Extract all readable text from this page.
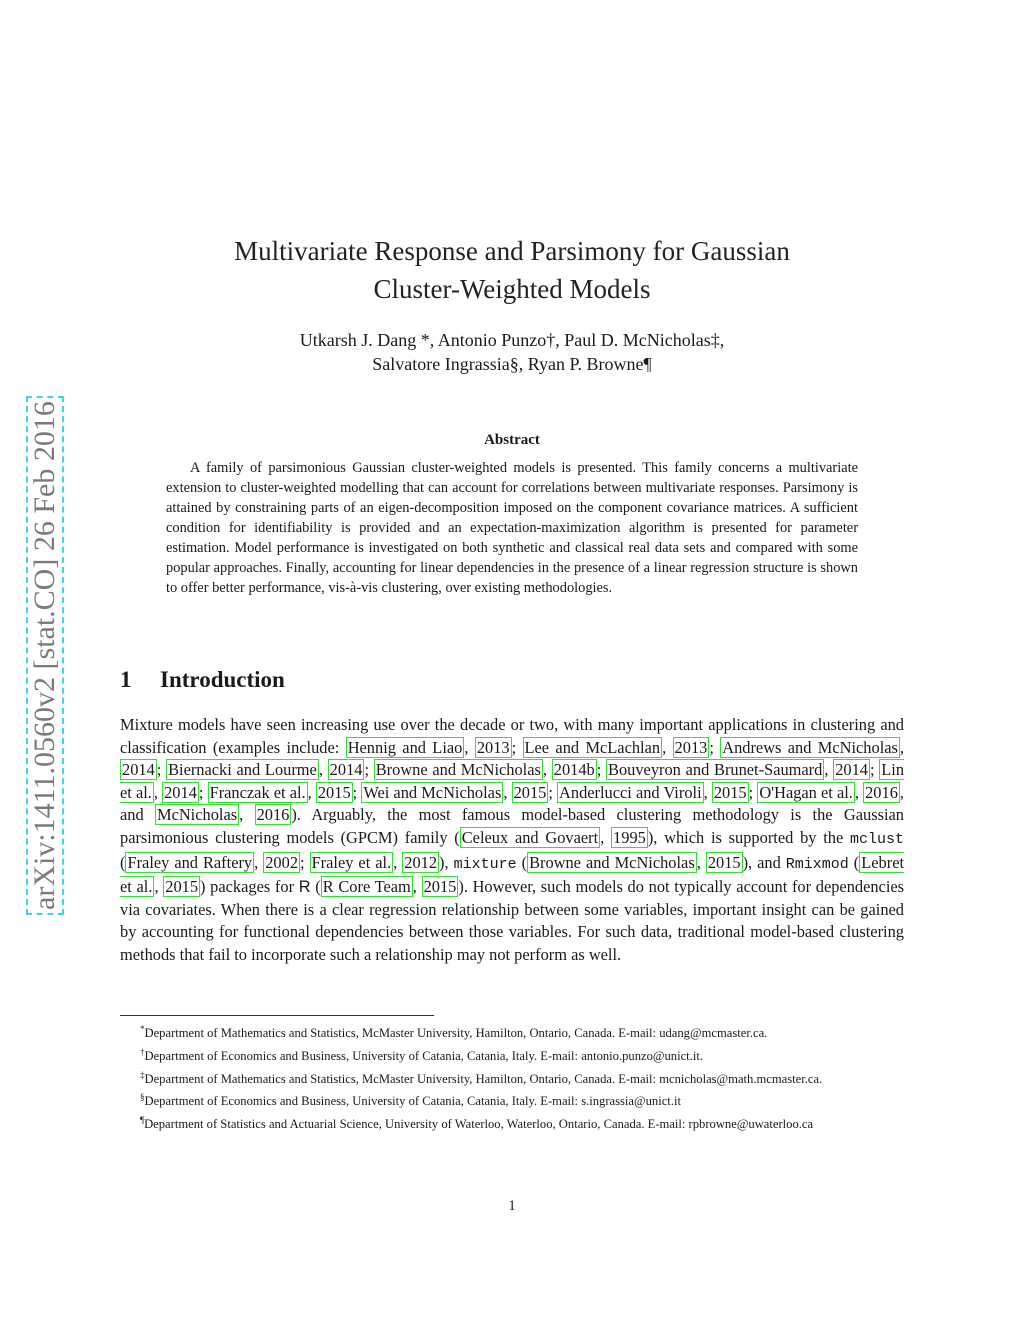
arXiv:1411.0560v2 [stat.CO] 26 Feb 2016
Multivariate Response and Parsimony for Gaussian
Cluster-Weighted Models
Utkarsh J. Dang *, Antonio Punzo†, Paul D. McNicholas‡,
Salvatore Ingrassia§, Ryan P. Browne¶
Abstract
A family of parsimonious Gaussian cluster-weighted models is presented. This family concerns a multivariate extension to cluster-weighted modelling that can account for correlations between multivariate responses. Parsimony is attained by constraining parts of an eigen-decomposition imposed on the component covariance matrices. A sufficient condition for identifiability is provided and an expectation-maximization algorithm is presented for parameter estimation. Model performance is investigated on both synthetic and classical real data sets and compared with some popular approaches. Finally, accounting for linear dependencies in the presence of a linear regression structure is shown to offer better performance, vis-à-vis clustering, over existing methodologies.
1 Introduction
Mixture models have seen increasing use over the decade or two, with many important applications in clustering and classification (examples include: Hennig and Liao , 2013 ; Lee and McLachlan , 2013 ; Andrews and McNicholas , 2014 ; Biernacki and Lourme , 2014 ; Browne and McNicholas , 2014b ; Bouveyron and Brunet-Saumard , 2014 ; Lin et al. , 2014 ; Franczak et al. , 2015 ; Wei and McNicholas , 2015 ; Anderlucci and Viroli , 2015 ; O'Hagan et al. , 2016 , and McNicholas , 2016 ). Arguably, the most famous model-based clustering methodology is the Gaussian parsimonious clustering models (GPCM) family ( Celeux and Govaert , 1995 ), which is supported by the mclust ( Fraley and Raftery , 2002 ; Fraley et al. , 2012 ), mixture ( Browne and McNicholas , 2015 ), and Rmixmod ( Lebret et al. , 2015 ) packages for R ( R Core Team , 2015 ). However, such models do not typically account for dependencies via covariates. When there is a clear regression relationship between some variables, important insight can be gained by accounting for functional dependencies between those variables. For such data, traditional model-based clustering methods that fail to incorporate such a relationship may not perform as well.

*Department of Mathematics and Statistics, McMaster University, Hamilton, Ontario, Canada. E-mail: udang@mcmaster.ca.

†Department of Economics and Business, University of Catania, Catania, Italy. E-mail: antonio.punzo@unict.it.

‡Department of Mathematics and Statistics, McMaster University, Hamilton, Ontario, Canada. E-mail: mcnicholas@math.mcmaster.ca.

§Department of Economics and Business, University of Catania, Catania, Italy. E-mail: s.ingrassia@unict.it

¶Department of Statistics and Actuarial Science, University of Waterloo, Waterloo, Ontario, Canada. E-mail: rpbrowne@uwaterloo.ca

1
